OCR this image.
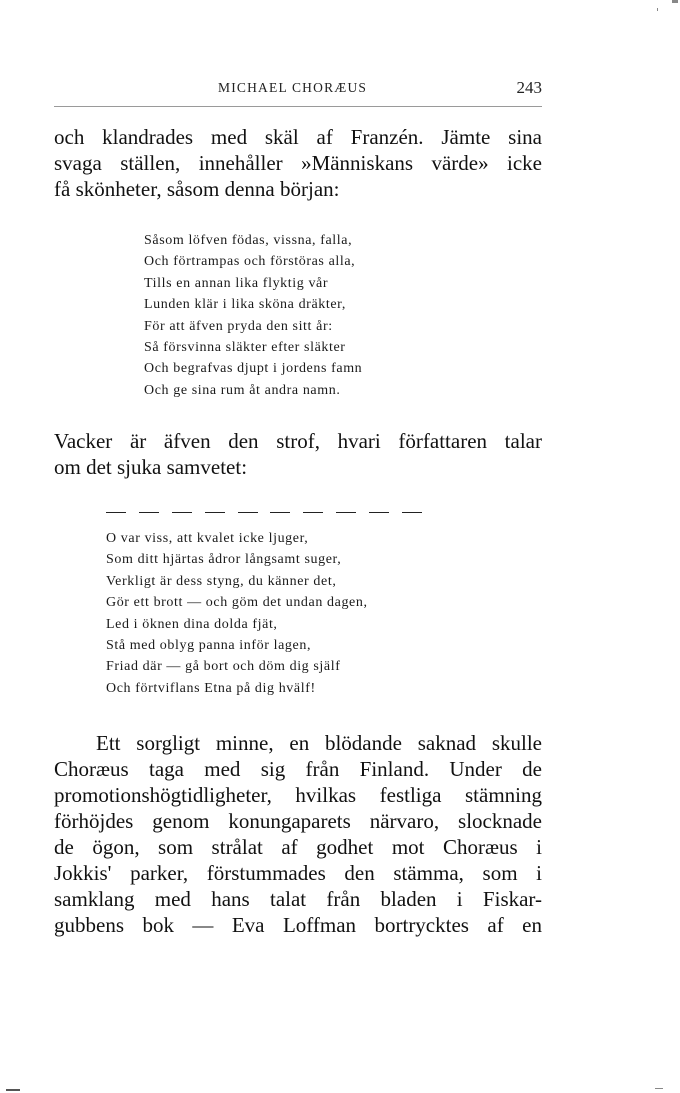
MICHAEL CHORÆUS	243
och klandrades med skäl af Franzén. Jämte sina
svaga ställen, innehåller »Människans värde» icke
få skönheter, såsom denna början:
Såsom löfven födas, vissna, falla,
Och förtrampas och förstöras alla,
Tills en annan lika flyktig vår
Lunden klär i lika sköna dräkter,
För att äfven pryda den sitt år:
Så försvinna släkter efter släkter
Och begrafvas djupt i jordens famn
Och ge sina rum åt andra namn.
Vacker är äfven den strof, hvari författaren talar
om det sjuka samvetet:
O var viss, att kvalet icke ljuger,
Som ditt hjärtas ådror långsamt suger,
Verkligt är dess styng, du känner det,
Gör ett brott — och göm det undan dagen,
Led i öknen dina dolda fjät,
Stå med oblyg panna inför lagen,
Friad där — gå bort och döm dig själf
Och förtviflans Etna på dig hvälf!
Ett sorgligt minne, en blödande saknad skulle
Choræus taga med sig från Finland. Under de
promotionshögtidligheter, hvilkas festliga stämning
förhöjdes genom konungaparets närvaro, slocknade
de ögon, som strålat af godhet mot Choræus i
Jokkis' parker, förstummades den stämma, som i
samklang med hans talat från bladen i Fiskar-
gubbens bok — Eva Loffman bortrycktes af en
